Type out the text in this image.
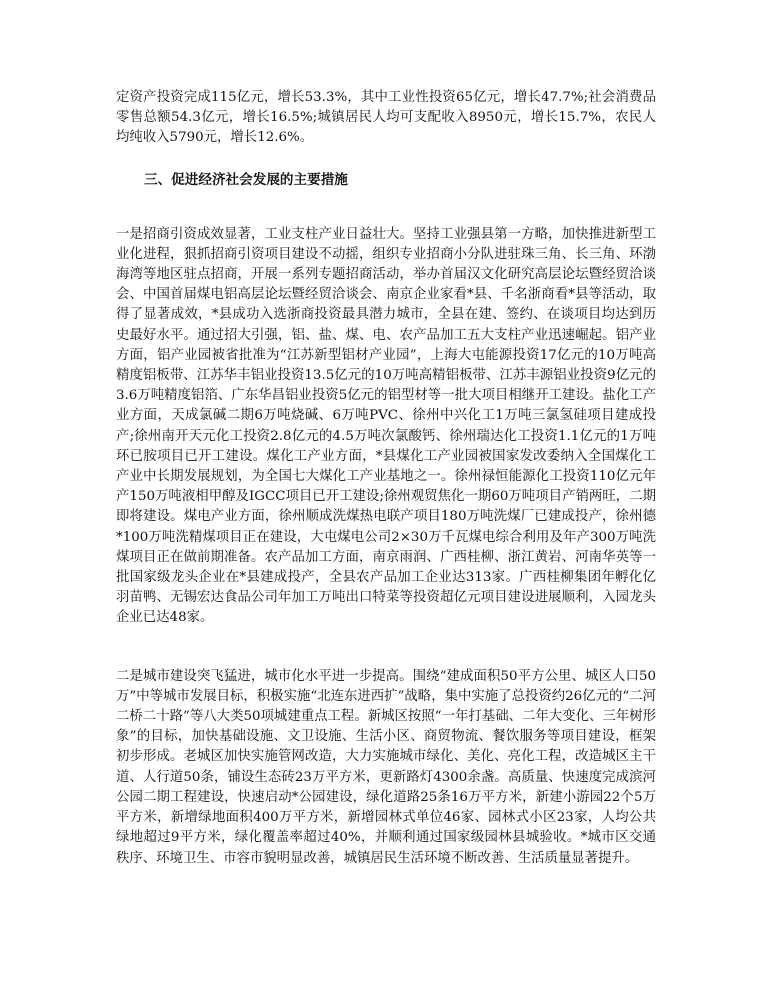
定资产投资完成115亿元，增长53.3%，其中工业性投资65亿元，增长47.7%;社会消费品零售总额54.3亿元，增长16.5%;城镇居民人均可支配收入8950元，增长15.7%，农民人均纯收入5790元，增长12.6%。

三、促进经济社会发展的主要措施

一是招商引资成效显著，工业支柱产业日益壮大。坚持工业强县第一方略，加快推进新型工业化进程，狠抓招商引资项目建设不动摇，组织专业招商小分队进驻珠三角、长三角、环渤海湾等地区驻点招商，开展一系列专题招商活动，举办首届汉文化研究高层论坛暨经贸洽谈会、中国首届煤电铝高层论坛暨经贸洽谈会、南京企业家看*县、千名浙商看*县等活动，取得了显著成效，*县成功入选浙商投资最具潜力城市，全县在建、签约、在谈项目均达到历史最好水平。通过招大引强，铝、盐、煤、电、农产品加工五大支柱产业迅速崛起。铝产业方面，铝产业园被省批准为“江苏新型铝材产业园”，上海大屯能源投资17亿元的10万吨高精度铝板带、江苏华丰铝业投资13.5亿元的10万吨高精铝板带、江苏丰源铝业投资9亿元的3.6万吨精度铝箔、广东华昌铝业投资5亿元的铝型材等一批大项目相继开工建设。盐化工产业方面，天成氯碱二期6万吨烧碱、6万吨PVC、徐州中兴化工1万吨三氯氢硅项目建成投产;徐州南开天元化工投资2.8亿元的4.5万吨次氯酸钙、徐州瑞达化工投资1.1亿元的1万吨环已胺项目已开工建设。煤化工产业方面，*县煤化工产业园被国家发改委纳入全国煤化工产业中长期发展规划，为全国七大煤化工产业基地之一。徐州禄恒能源化工投资110亿元年产150万吨液相甲醇及IGCC项目已开工建设;徐州观贸焦化一期60万吨项目产销两旺，二期即将建设。煤电产业方面，徐州顺成洗煤热电联产项目180万吨洗煤厂已建成投产，徐州德*100万吨洗精煤项目正在建设，大屯煤电公司2×30万千瓦煤电综合利用及年产300万吨洗煤项目正在做前期准备。农产品加工方面，南京雨润、广西桂柳、浙江黄岩、河南华英等一批国家级龙头企业在*县建成投产，全县农产品加工企业达313家。广西桂柳集团年孵化亿羽苗鸭、无锡宏达食品公司年加工万吨出口特菜等投资超亿元项目建设进展顺利，入园龙头企业已达48家。

二是城市建设突飞猛进，城市化水平进一步提高。围绕“建成面积50平方公里、城区人口50万”中等城市发展目标，积极实施“北连东进西扩”战略，集中实施了总投资约26亿元的“二河二桥二十路”等八大类50项城建重点工程。新城区按照“一年打基础、二年大变化、三年树形象”的目标，加快基础设施、文卫设施、生活小区、商贸物流、餐饮服务等项目建设，框架初步形成。老城区加快实施管网改造，大力实施城市绿化、美化、亮化工程，改造城区主干道、人行道50条，铺设生态砖23万平方米，更新路灯4300余盏。高质量、快速度完成滨河公园二期工程建设，快速启动*公园建设，绿化道路25条16万平方米，新建小游园22个5万平方米，新增绿地面积400万平方米，新增园林式单位46家、园林式小区23家，人均公共绿地超过9平方米，绿化覆盖率超过40%，并顺利通过国家级园林县城验收。*城市区交通秩序、环境卫生、市容市貌明显改善，城镇居民生活环境不断改善、生活质量显著提升。
